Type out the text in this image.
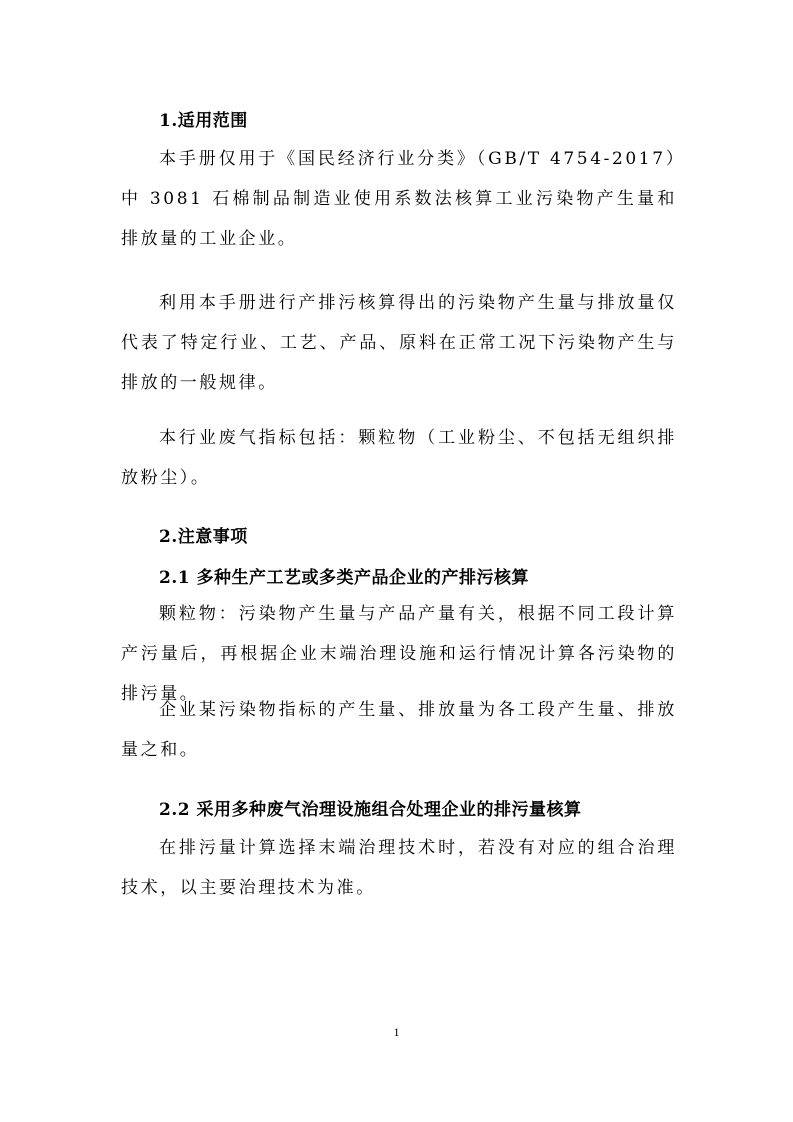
1.适用范围
本手册仅用于《国民经济行业分类》（GB/T 4754-2017）中 3081 石棉制品制造业使用系数法核算工业污染物产生量和排放量的工业企业。
利用本手册进行产排污核算得出的污染物产生量与排放量仅代表了特定行业、工艺、产品、原料在正常工况下污染物产生与排放的一般规律。
本行业废气指标包括：颗粒物（工业粉尘、不包括无组织排放粉尘）。
2.注意事项
2.1 多种生产工艺或多类产品企业的产排污核算
颗粒物：污染物产生量与产品产量有关，根据不同工段计算产污量后，再根据企业末端治理设施和运行情况计算各污染物的排污量。
企业某污染物指标的产生量、排放量为各工段产生量、排放量之和。
2.2 采用多种废气治理设施组合处理企业的排污量核算
在排污量计算选择末端治理技术时，若没有对应的组合治理技术，以主要治理技术为准。
1
